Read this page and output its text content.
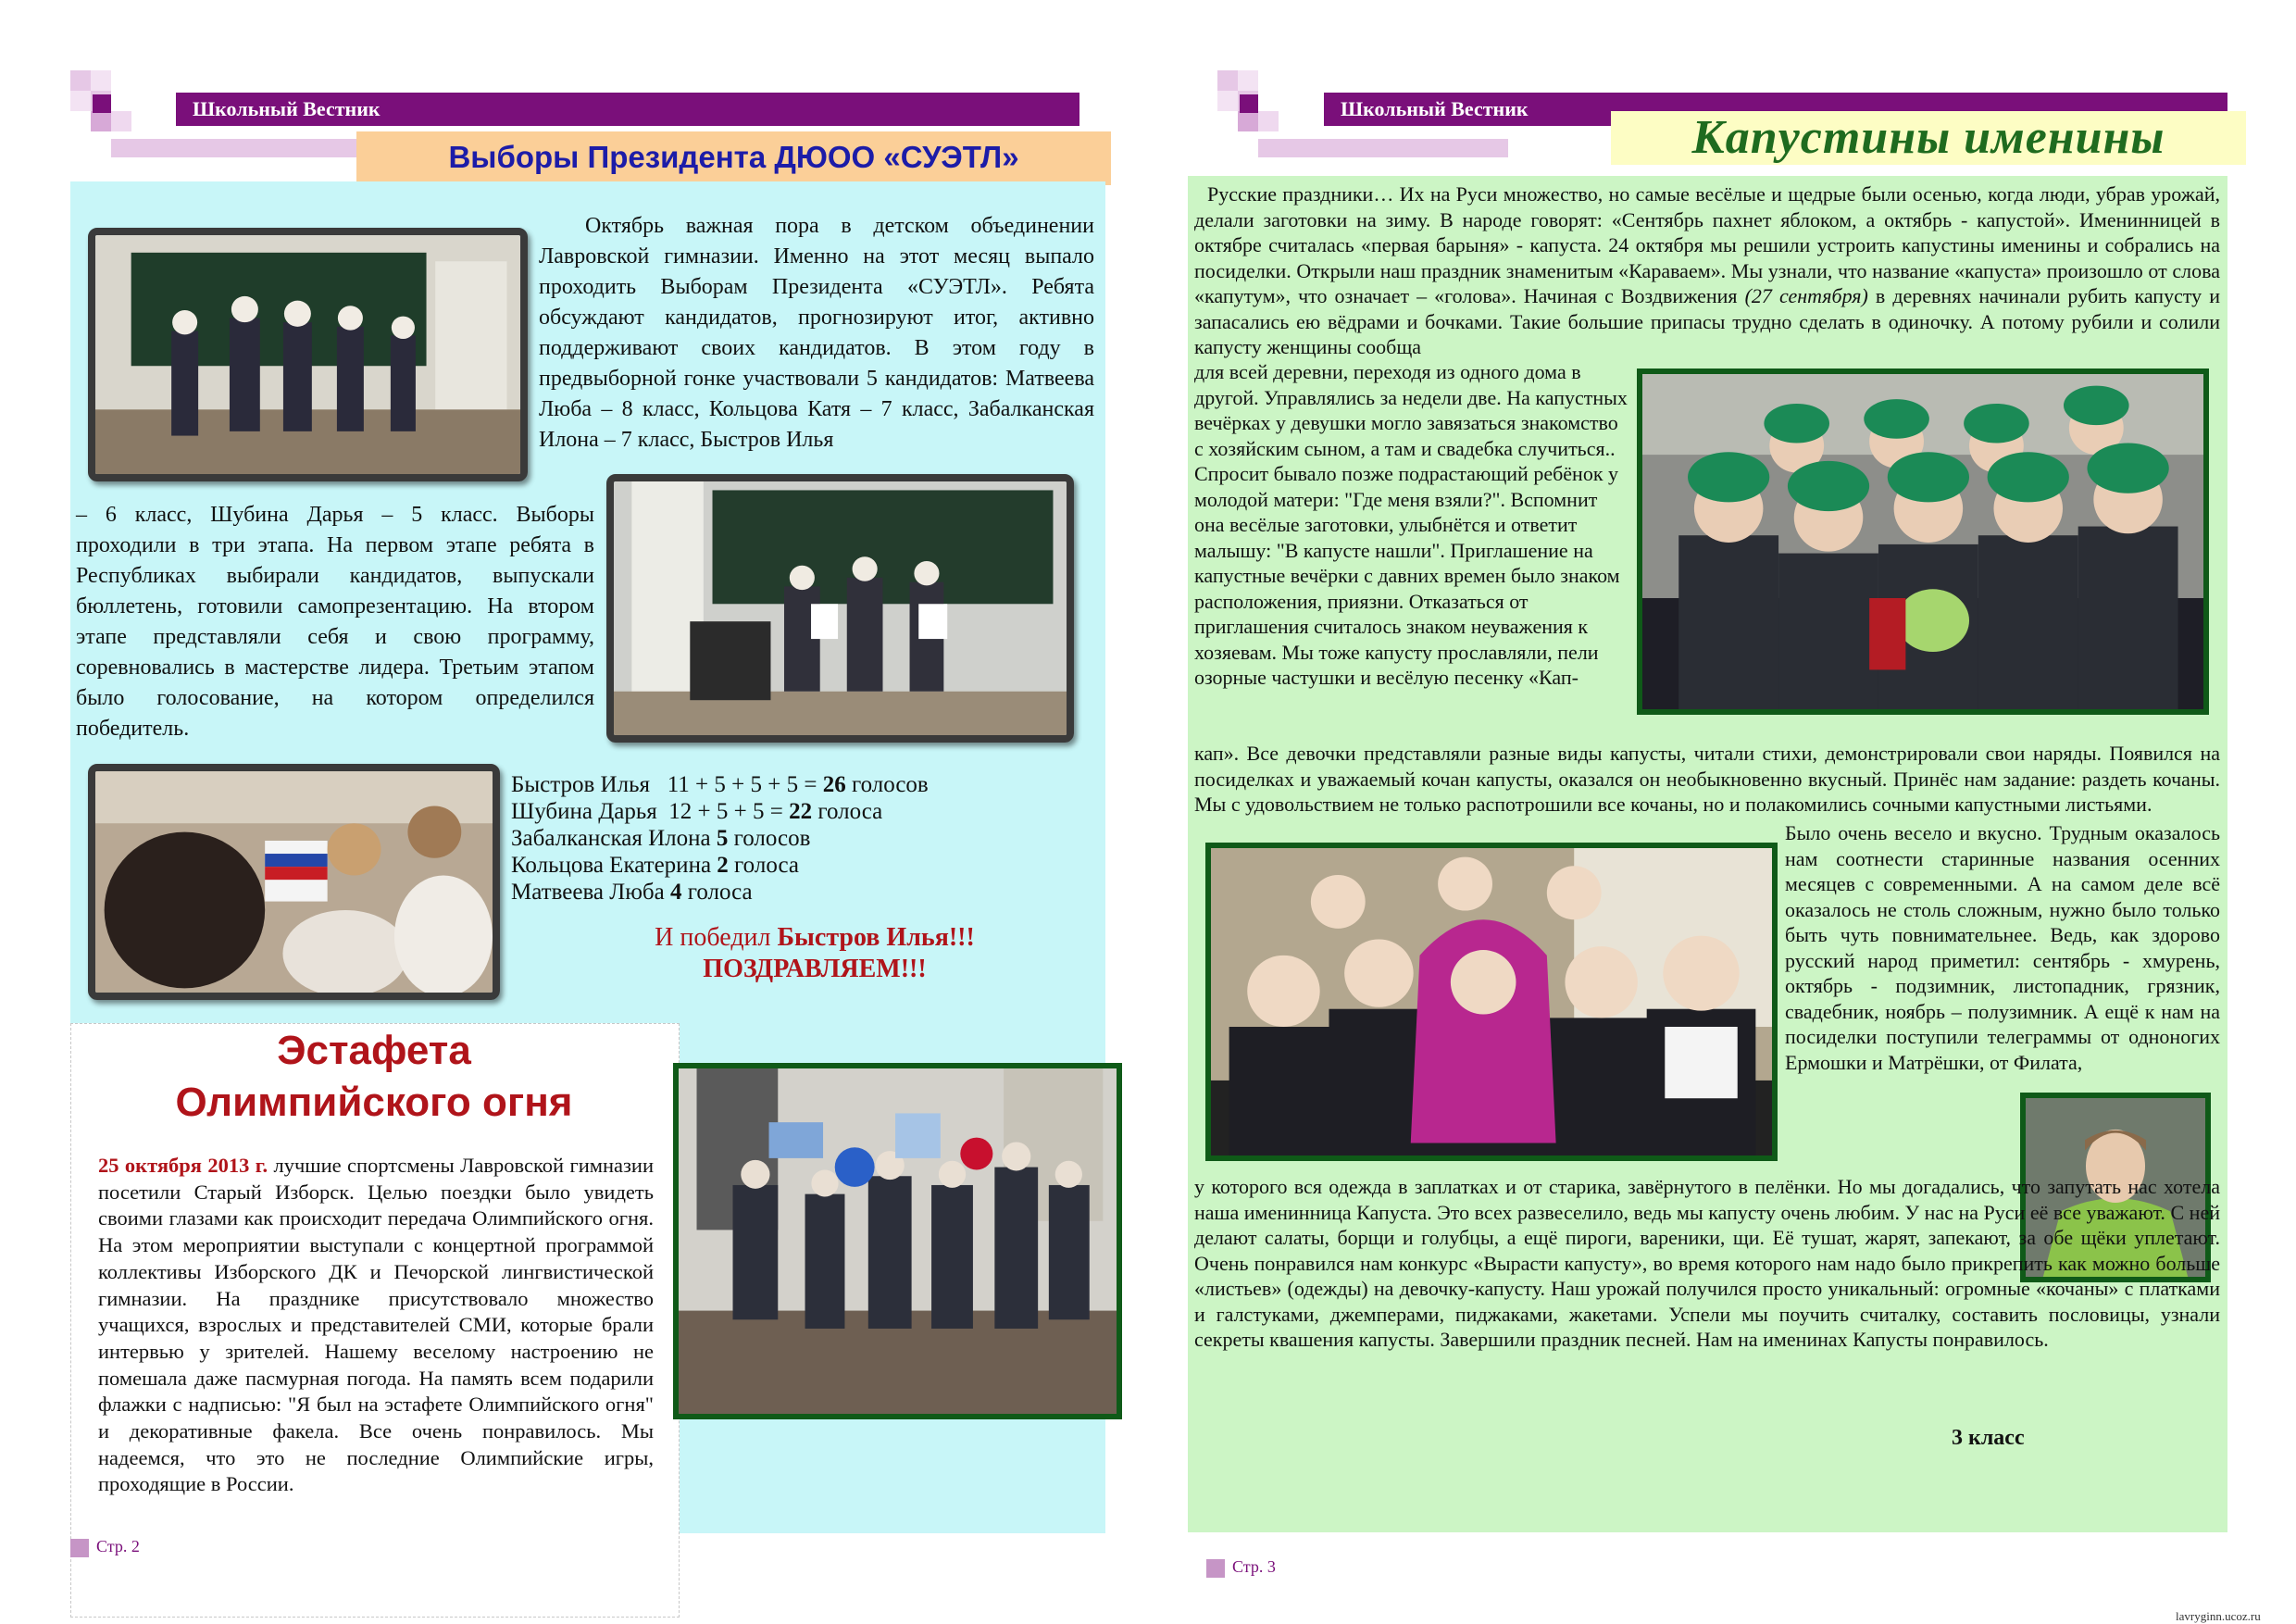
Школьный Вестник
Выборы Президента ДЮОО «СУЭТЛ»

Октябрь важная пора в детском объединении Лавровской гимназии. Именно на этот месяц выпало проходить Выборам Президента «СУЭТЛ». Ребята обсуждают кандидатов, прогнозируют итог, активно поддерживают своих кандидатов. В этом году в предвыборной гонке участвовали 5 кандидатов: Матвеева Люба – 8 класс, Кольцова Катя – 7 класс, Забалканская Илона – 7 класс, Быстров Илья

– 6 класс, Шубина Дарья – 5 класс. Выборы проходили в три этапа. На первом этапе ребята в Республиках выбирали кандидатов, выпускали бюллетень, готовили самопрезентацию. На втором этапе представляли себя и свою программу, соревновались в мастерстве лидера. Третьим этапом было голосование, на котором определился победитель.

Быстров Илья 11 + 5 + 5 + 5 = 26 голосов
Шубина Дарья 12 + 5 + 5 = 22 голоса
Забалканская Илона 5 голосов
Кольцова Екатерина 2 голоса
Матвеева Люба 4 голоса
И победил Быстров Илья!!!
ПОЗДРАВЛЯЕМ!!!
Эстафета
Олимпийского огня

25 октября 2013 г. лучшие спортсмены Лавровской гимназии посетили Старый Изборск. Целью поездки было увидеть своими глазами как происходит передача Олимпийского огня. На этом мероприятии выступали с концертной программой коллективы Изборского ДК и Печорской лингвистической гимназии. На празднике присутствовало множество учащихся, взрослых и представителей СМИ, которые брали интервью у зрителей. Нашему веселому настроению не помешала даже пасмурная погода. На память всем подарили флажки с надписью: "Я был на эстафете Олимпийского огня" и декоративные факела. Все очень понравилось. Мы надеемся, что это не последние Олимпийские игры, проходящие в России.

Стр. 2
Школьный Вестник
Капустины именины
Русские праздники… Их на Руси множество, но самые весёлые и щедрые были осенью, когда люди, убрав урожай, делали заготовки на зиму. В народе говорят: «Сентябрь пахнет яблоком, а октябрь - капустой». Именинницей в октябре считалась «первая барыня» - капуста. 24 октября мы решили устроить капустины именины и собрались на посиделки. Открыли наш праздник знаменитым «Караваем». Мы узнали, что название «капуста» произошло от слова «капутум», что означает – «голова». Начиная с Воздвижения (27 сентября) в деревнях начинали рубить капусту и запасались ею вёдрами и бочками. Такие большие припасы трудно сделать в одиночку. А потому рубили и солили капусту женщины сообща
для всей деревни, переходя из одного дома в другой. Управлялись за недели две. На капустных вечёрках у девушки могло завязаться знакомство с хозяйским сыном, а там и свадебка случиться.. Спросит бывало позже подрастающий ребёнок у молодой матери: "Где меня взяли?". Вспомнит она весёлые заготовки, улыбнётся и ответит малышу: "В капусте нашли". Приглашение на капустные вечёрки с давних времен было знаком расположения, приязни. Отказаться от приглашения считалось знаком неуважения к хозяевам. Мы тоже капусту прославляли, пели озорные частушки и весёлую песенку «Кап-
кап». Все девочки представляли разные виды капусты, читали стихи, демонстрировали свои наряды. Появился на посиделках и уважаемый кочан капусты, оказался он необыкновенно вкусный. Принёс нам задание: раздеть кочаны. Мы с удовольствием не только распотрошили все кочаны, но и полакомились сочными капустными листьями.
Было очень весело и вкусно. Трудным оказалось нам соотнести старинные названия осенних месяцев с современными. А на самом деле всё оказалось не столь сложным, нужно было только быть чуть повнимательнее. Ведь, как здорово русский народ приметил: сентябрь - хмурень, октябрь - подзимник, листопадник, грязник, свадебник, ноябрь – полузимник. А ещё к нам на посиделки поступили телеграммы от одноногих Ермошки и Матрёшки, от Филата,
у которого вся одежда в заплатках и от старика, завёрнутого в пелёнки. Но мы догадались, что запутать нас хотела наша именинница Капуста. Это всех развеселило, ведь мы капусту очень любим. У нас на Руси её все уважают. С ней делают салаты, борщи и голубцы, а ещё пироги, вареники, щи. Её тушат, жарят, запекают, за обе щёки уплетают. Очень понравился нам конкурс «Вырасти капусту», во время которого нам надо было прикрепить как можно больше «листьев» (одежды) на девочку-капусту. Наш урожай получился просто уникальный: огромные «кочаны» с платками и галстуками, джемперами, пиджаками, жакетами. Успели мы поучить считалку, составить пословицы, узнали секреты квашения капусты. Завершили праздник песней. Нам на именинах Капусты понравилось.
3 класс
Стр. 3
lavryginn.ucoz.ru
